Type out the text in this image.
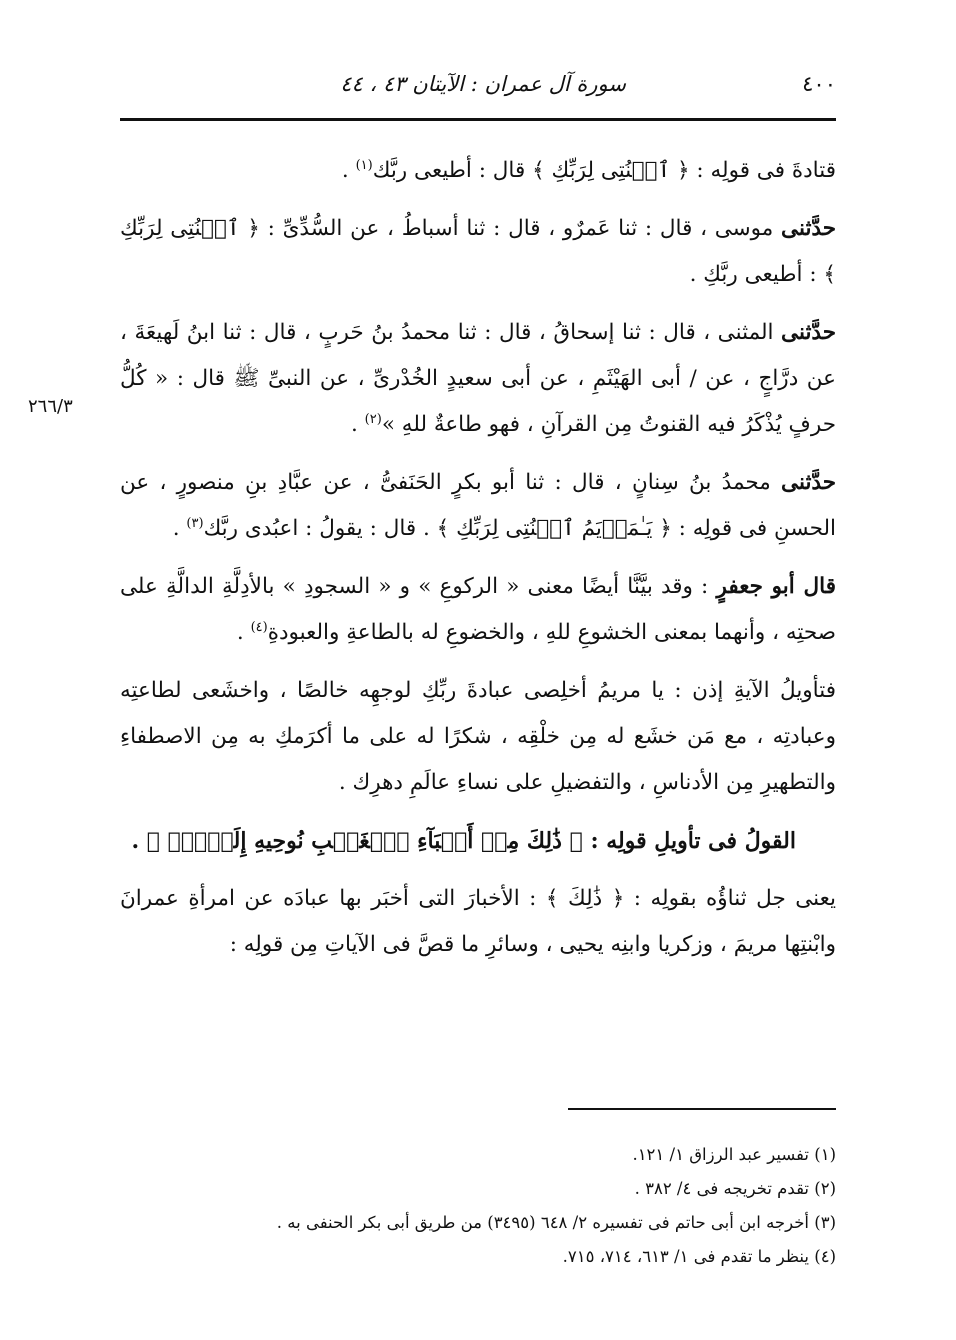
٤٠٠
سورة آل عمران : الآيتان ٤٣ ، ٤٤
٢٦٦/٣

قتادةَ فى قولِه : ﴿ ٱقۡنُتِى لِرَبِّكِ ﴾ قال : أطيعى ربَّك$^{(١)}$ .

حدَّثنى موسى ، قال : ثنا عَمرٌو ، قال : ثنا أسباطُ ، عن السُّدِّىِّ : ﴿ ٱقۡنُتِى لِرَبِّكِ ﴾ : أطيعى ربَّكِ .

حدَّثنى المثنى ، قال : ثنا إسحاقُ ، قال : ثنا محمدُ بنُ حَربٍ ، قال : ثنا ابنُ لَهيعَةَ ، عن درَّاجٍ ، عن / أبى الهَيْثَمِ ، عن أبى سعيدٍ الخُدْرىِّ ، عن النبىِّ ﷺ قال : « كُلُّ حرفٍ يُذْكَرُ فيه القنوتُ مِن القرآنِ ، فهو طاعةٌ للهِ »$^{(٢)}$ .

حدَّثنى محمدُ بنُ سِنانٍ ، قال : ثنا أبو بكرٍ الحَنَفىُّ ، عن عبَّادِ بنِ منصورٍ ، عن الحسنِ فى قولِه : ﴿ يَـٰمَرۡيَمُ ٱقۡنُتِى لِرَبِّكِ ﴾ . قال : يقولُ : اعبُدى ربَّك$^{(٣)}$ .

قال أبو جعفرٍ : وقد بيَّنَّا أيضًا معنى « الركوعِ » و « السجودِ » بالأدِلَّةِ الدالَّةِ على صحتِه ، وأنهما بمعنى الخشوعِ للهِ ، والخضوعِ له بالطاعةِ والعبودةِ$^{(٤)}$ .

فتأويلُ الآيةِ إذن : يا مريمُ أخلِصى عبادةَ ربِّكِ لوجهِه خالصًا ، واخشَعى لطاعتِه وعبادتِه ، مع مَن خشَع له مِن خلْقِه ، شكرًا له على ما أكرَمكِ به مِن الاصطفاءِ والتطهيرِ مِن الأدناسِ ، والتفضيلِ على نساءِ عالَمِ دهرِك .

القولُ فى تأويلِ قولِه : ﴿ ذَٰلِكَ مِنۡ أَنۢبَآءِ ٱلۡغَيۡبِ نُوحِيهِ إِلَيۡكَۚ ﴾ .

يعنى جل ثناؤُه بقولِه : ﴿ ذَٰلِكَ ﴾ : الأخبارَ التى أخبَر بها عبادَه عن امرأةِ عمرانَ وابْنتِها مريمَ ، وزكريا وابنِه يحيى ، وسائرِ ما قصَّ فى الآياتِ مِن قولِه :

(١) تفسير عبد الرزاق ١/ ١٢١.

(٢) تقدم تخريجه فى ٤/ ٣٨٢ .

(٣) أخرجه ابن أبى حاتم فى تفسيره ٢/ ٦٤٨ (٣٤٩٥) من طريق أبى بكر الحنفى به .

(٤) ينظر ما تقدم فى ١/ ٦١٣، ٧١٤، ٧١٥.
